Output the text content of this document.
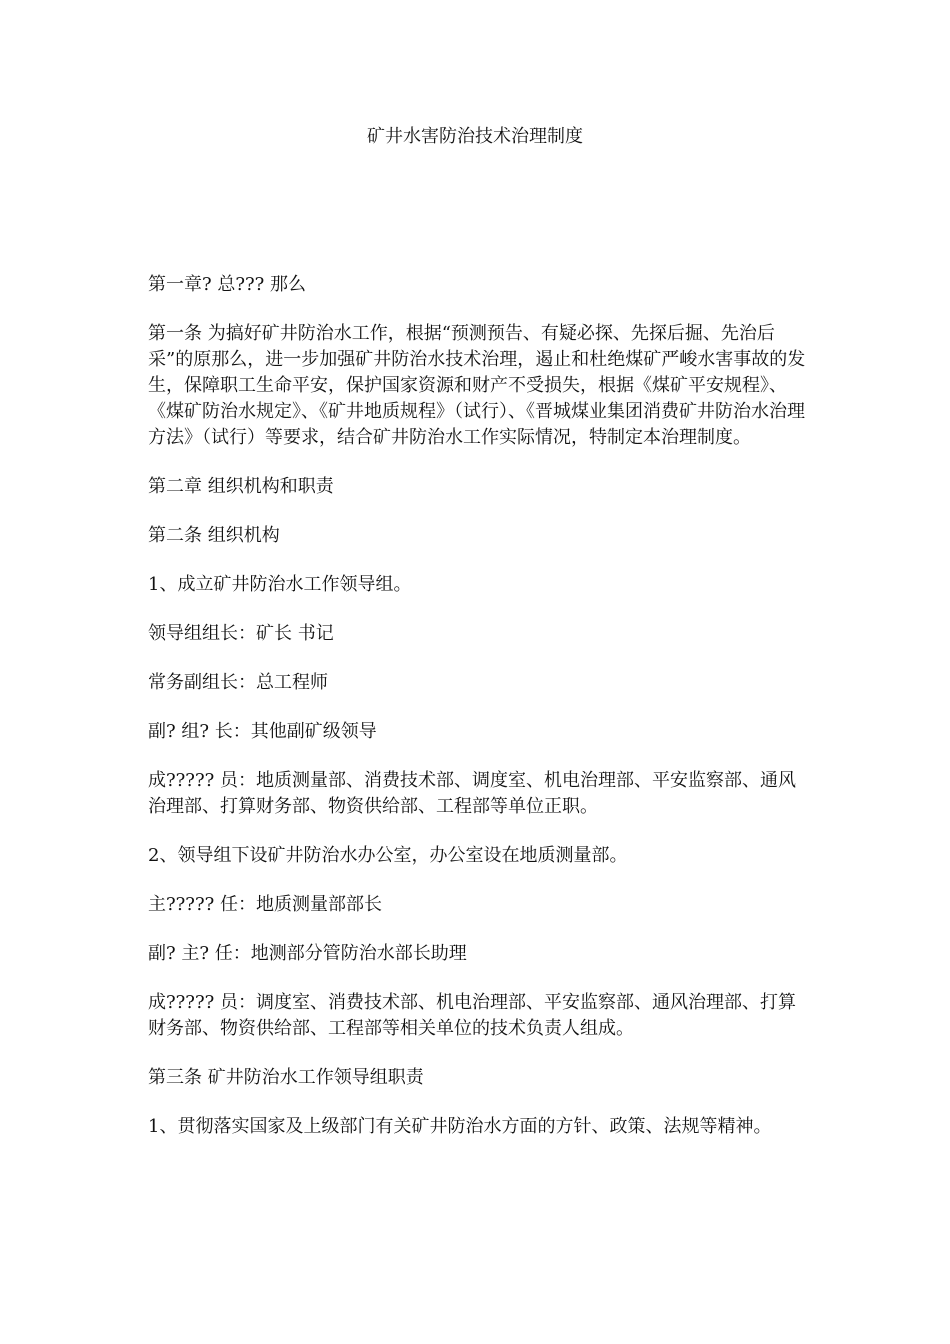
矿井水害防治技术治理制度

第一章? 总??? 那么

第一条 为搞好矿井防治水工作，根据“预测预告、有疑必探、先探后掘、先治后采”的原那么，进一步加强矿井防治水技术治理，遏止和杜绝煤矿严峻水害事故的发生，保障职工生命平安，保护国家资源和财产不受损失，根据《煤矿平安规程》、《煤矿防治水规定》、《矿井地质规程》（试行）、《晋城煤业集团消费矿井防治水治理方法》（试行）等要求，结合矿井防治水工作实际情况，特制定本治理制度。

第二章 组织机构和职责

第二条 组织机构

1、成立矿井防治水工作领导组。

领导组组长：矿长 书记

常务副组长：总工程师

副? 组? 长：其他副矿级领导

成????? 员：地质测量部、消费技术部、调度室、机电治理部、平安监察部、通风治理部、打算财务部、物资供给部、工程部等单位正职。

2、领导组下设矿井防治水办公室，办公室设在地质测量部。

主????? 任：地质测量部部长

副? 主? 任：地测部分管防治水部长助理

成????? 员：调度室、消费技术部、机电治理部、平安监察部、通风治理部、打算财务部、物资供给部、工程部等相关单位的技术负责人组成。

第三条 矿井防治水工作领导组职责

1、贯彻落实国家及上级部门有关矿井防治水方面的方针、政策、法规等精神。
